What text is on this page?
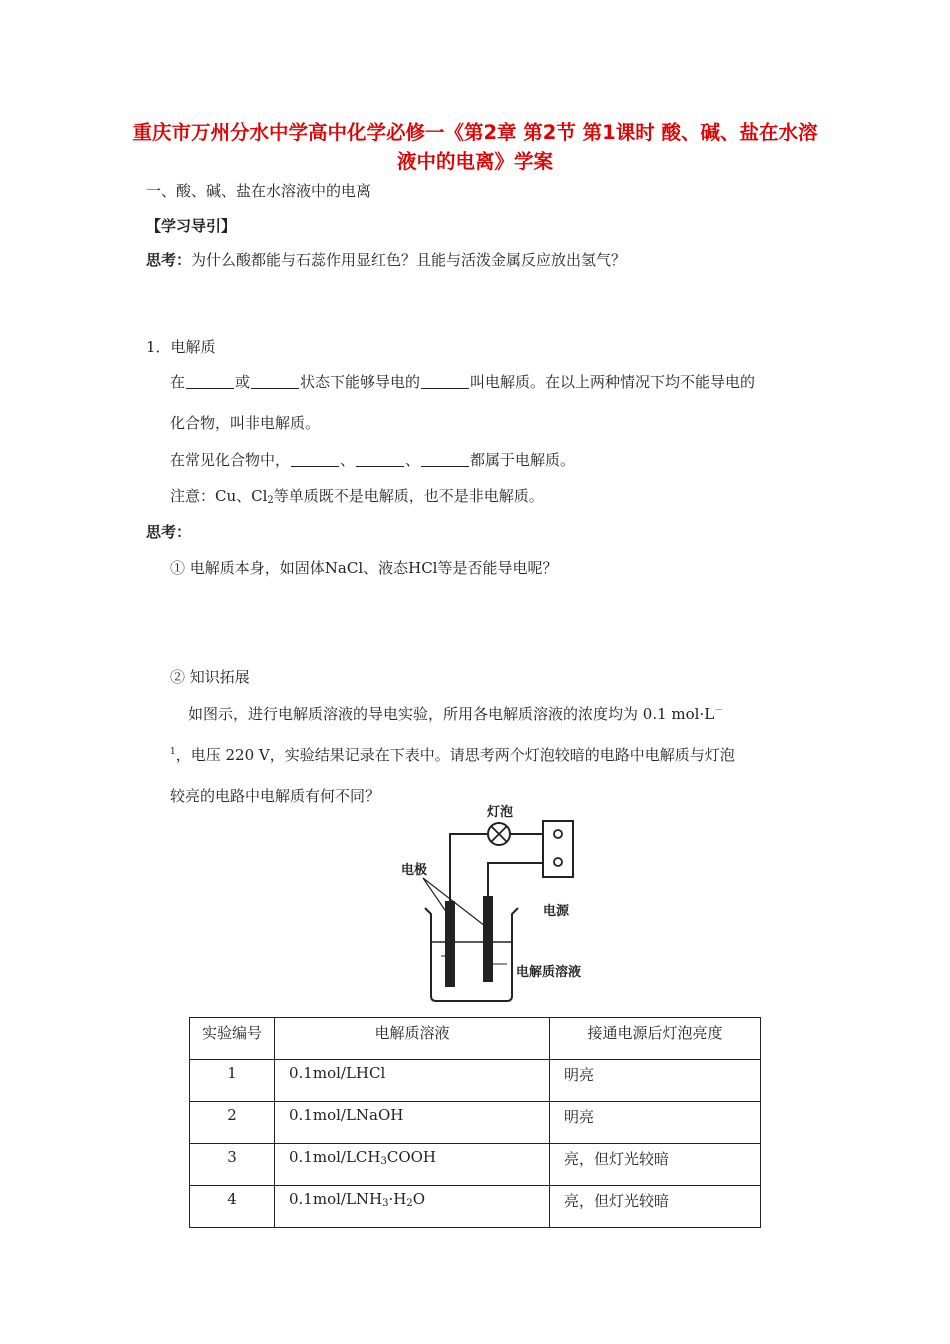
重庆市万州分水中学高中化学必修一《第2章 第2节 第1课时 酸、碱、盐在水溶液中的电离》学案
一、酸、碱、盐在水溶液中的电离
【学习导引】
思考：为什么酸都能与石蕊作用显红色？且能与活泼金属反应放出氢气？
1．电解质
在	或	状态下能够导电的	叫电解质。在以上两种情况下均不能导电的
化合物，叫非电解质。
在常见化合物中，	、	、	都属于电解质。
注意：Cu、$Cl_2$等单质既不是电解质，也不是非电解质。
思考：
① 电解质本身，如固体NaCl、液态HCl等是否能导电呢？
② 知识拓展
如图示，进行电解质溶液的导电实验，所用各电解质溶液的浓度均为 0.1 mol·L－
$^1$，电压 220 V，实验结果记录在下表中。请思考两个灯泡较暗的电路中电解质与灯泡
较亮的电路中电解质有何不同？
灯泡
电极
电源
电解质溶液
实验编号	电解质溶液	接通电源后灯泡亮度
1	0.1mol/LHCl	明亮
2	0.1mol/LNaOH	明亮
3	$0.1mol/LCH_3COOH$	亮，但灯光较暗
4	$0.1mol/LNH_3\cdot H_2O$	亮，但灯光较暗
